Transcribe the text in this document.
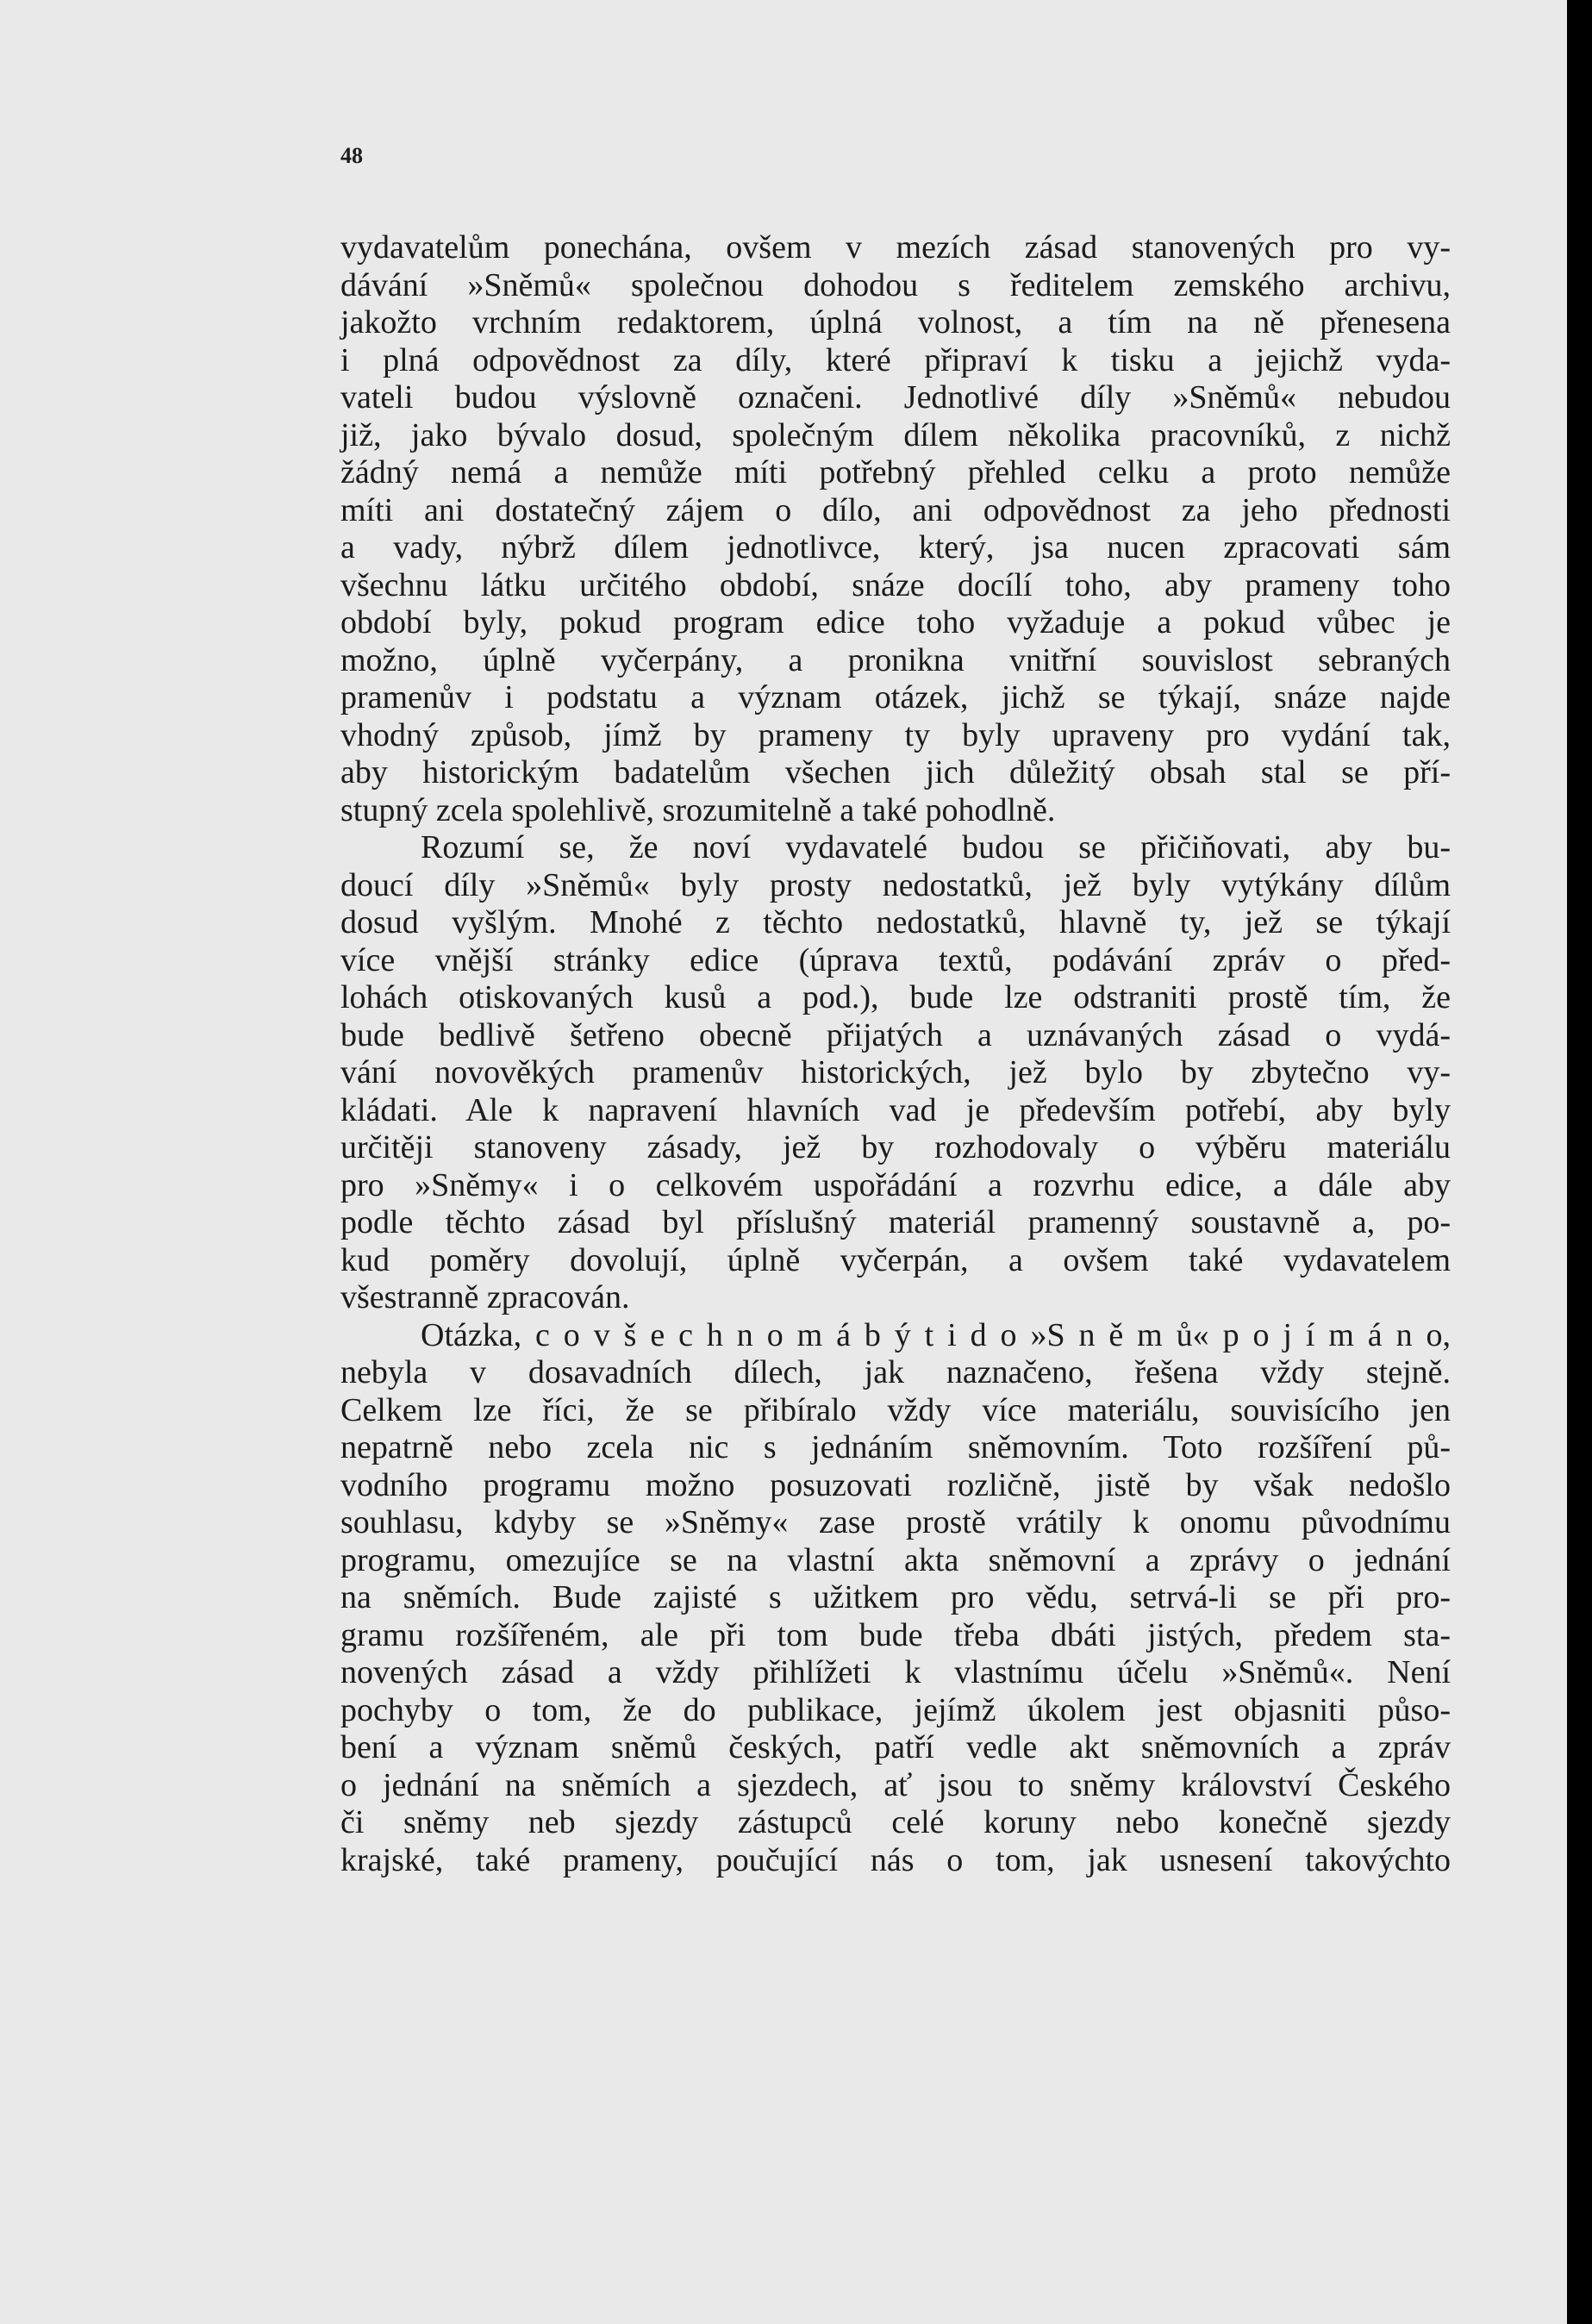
48
vydavatelům ponechána, ovšem v mezích zásad stanovených pro vy-
dávání »Sněmů« společnou dohodou s ředitelem zemského archivu,
jakožto vrchním redaktorem, úplná volnost, a tím na ně přenesena
i plná odpovědnost za díly, které připraví k tisku a jejichž vyda-
vateli budou výslovně označeni. Jednotlivé díly »Sněmů« nebudou
již, jako bývalo dosud, společným dílem několika pracovníků, z nichž
žádný nemá a nemůže míti potřebný přehled celku a proto nemůže
míti ani dostatečný zájem o dílo, ani odpovědnost za jeho přednosti
a vady, nýbrž dílem jednotlivce, který, jsa nucen zpracovati sám
všechnu látku určitého období, snáze docílí toho, aby prameny toho
období byly, pokud program edice toho vyžaduje a pokud vůbec je
možno, úplně vyčerpány, a pronikna vnitřní souvislost sebraných
pramenův i podstatu a význam otázek, jichž se týkají, snáze najde
vhodný způsob, jímž by prameny ty byly upraveny pro vydání tak,
aby historickým badatelům všechen jich důležitý obsah stal se pří-
stupný zcela spolehlivě, srozumitelně a také pohodlně.
Rozumí se, že noví vydavatelé budou se přičiňovati, aby bu-
doucí díly »Sněmů« byly prosty nedostatků, jež byly vytýkány dílům
dosud vyšlým. Mnohé z těchto nedostatků, hlavně ty, jež se týkají
více vnější stránky edice (úprava textů, podávání zpráv o před-
lohách otiskovaných kusů a pod.), bude lze odstraniti prostě tím, že
bude bedlivě šetřeno obecně přijatých a uznávaných zásad o vydá-
vání novověkých pramenův historických, jež bylo by zbytečno vy-
kládati. Ale k napravení hlavních vad je především potřebí, aby byly
určitěji stanoveny zásady, jež by rozhodovaly o výběru materiálu
pro »Sněmy« i o celkovém uspořádání a rozvrhu edice, a dále aby
podle těchto zásad byl příslušný materiál pramenný soustavně a, po-
kud poměry dovolují, úplně vyčerpán, a ovšem také vydavatelem
všestranně zpracován.
Otázka, c o v š e c h n o m á b ý t i d o »S n ě m ů« p o j í m á n o,
nebyla v dosavadních dílech, jak naznačeno, řešena vždy stejně.
Celkem lze říci, že se přibíralo vždy více materiálu, souvisícího jen
nepatrně nebo zcela nic s jednáním sněmovním. Toto rozšíření pů-
vodního programu možno posuzovati rozličně, jistě by však nedošlo
souhlasu, kdyby se »Sněmy« zase prostě vrátily k onomu původnímu
programu, omezujíce se na vlastní akta sněmovní a zprávy o jednání
na sněmích. Bude zajisté s užitkem pro vědu, setrvá-li se při pro-
gramu rozšířeném, ale při tom bude třeba dbáti jistých, předem sta-
novených zásad a vždy přihlížeti k vlastnímu účelu »Sněmů«. Není
pochyby o tom, že do publikace, jejímž úkolem jest objasniti půso-
bení a význam sněmů českých, patří vedle akt sněmovních a zpráv
o jednání na sněmích a sjezdech, ať jsou to sněmy království Českého
či sněmy neb sjezdy zástupců celé koruny nebo konečně sjezdy
krajské, také prameny, poučující nás o tom, jak usnesení takovýchto
